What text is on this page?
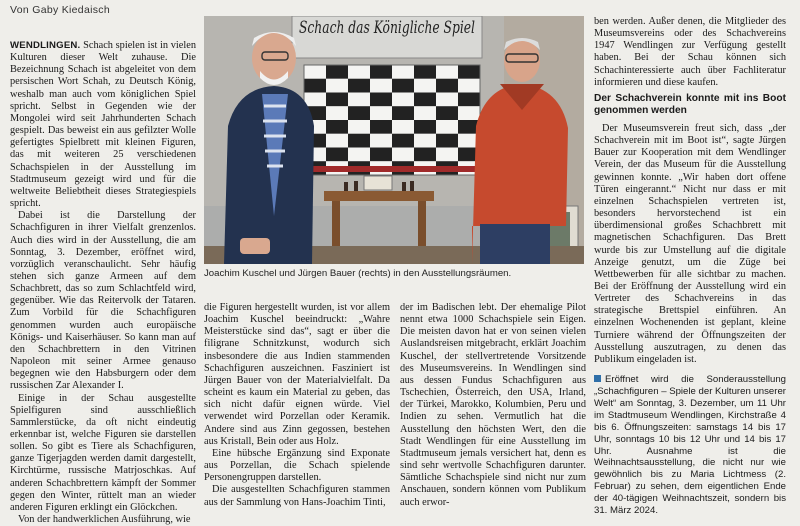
Von Gaby Kiedaisch

WENDLINGEN. Schach spielen ist in vielen Kulturen dieser Welt zuhause. Die Bezeichnung Schach ist abgeleitet von dem persischen Wort Schah, zu Deutsch König, weshalb man auch vom königlichen Spiel spricht. Selbst in Gegenden wie der Mongolei wird seit Jahrhunderten Schach gespielt. Das beweist ein aus gefilzter Wolle gefertigtes Spielbrett mit kleinen Figuren, das mit weiteren 25 verschiedenen Schachspielen in der Ausstellung im Stadtmuseum gezeigt wird und für die weltweite Beliebtheit dieses Strategiespiels spricht.

Dabei ist die Darstellung der Schachfiguren in ihrer Vielfalt grenzenlos. Auch dies wird in der Ausstellung, die am Sonntag, 3. Dezember, eröffnet wird, vorzüglich veranschaulicht. Sehr häufig stehen sich ganze Armeen auf dem Schachbrett, das so zum Schlachtfeld wird, gegenüber. Wie das Reitervolk der Tataren. Zum Vorbild für die Schachfiguren genommen wurden auch europäische Königs- und Kaiserhäuser. So kann man auf den Schachbrettern in den Vitrinen Napoleon mit seiner Armee genauso begegnen wie den Habsburgern oder dem russischen Zar Alexander I.

Einige in der Schau ausgestellte Spielfiguren sind ausschließlich Sammlerstücke, da oft nicht eindeutig erkennbar ist, welche Figuren sie darstellen sollen. So gibt es Tiere als Schachfiguren, ganze Tigerjagden werden damit dargestellt, Kirchtürme, russische Matrjoschkas. Auf anderen Schachbrettern kämpft der Sommer gegen den Winter, rüttelt man an wieder anderen Figuren erklingt ein Glöckchen.

Von der handwerklichen Ausführung, wie

Schach das Königliche Spiel
Joachim Kuschel und Jürgen Bauer (rechts) in den Ausstellungsräumen.

die Figuren hergestellt wurden, ist vor allem Joachim Kuschel beeindruckt: „Wahre Meisterstücke sind das“, sagt er über die filigrane Schnitzkunst, wodurch sich insbesondere die aus Indien stammenden Schachfiguren auszeichnen. Fasziniert ist Jürgen Bauer von der Materialvielfalt. Da scheint es kaum ein Material zu geben, das sich nicht dafür eignen würde. Viel verwendet wird Porzellan oder Keramik. Andere sind aus Zinn gegossen, bestehen aus Kristall, Bein oder aus Holz.

Eine hübsche Ergänzung sind Exponate aus Porzellan, die Schach spielende Personengruppen darstellen.

Die ausgestellten Schachfiguren stammen aus der Sammlung von Hans-Joachim Tinti,

der im Badischen lebt. Der ehemalige Pilot nennt etwa 1000 Schachspiele sein Eigen. Die meisten davon hat er von seinen vielen Auslandsreisen mitgebracht, erklärt Joachim Kuschel, der stellvertretende Vorsitzende des Museumsvereins. In Wendlingen sind aus dessen Fundus Schachfiguren aus Tschechien, Österreich, den USA, Irland, der Türkei, Marokko, Kolumbien, Peru und Indien zu sehen. Vermutlich hat die Ausstellung den höchsten Wert, den die Stadt Wendlingen für eine Ausstellung im Stadtmuseum jemals versichert hat, denn es sind sehr wertvolle Schachfiguren darunter. Sämtliche Schachspiele sind nicht nur zum Anschauen, sondern können vom Publikum auch erwor-

ben werden. Außer denen, die Mitglieder des Museumsvereins oder des Schachvereins 1947 Wendlingen zur Verfügung gestellt haben. Bei der Schau können sich Schachinteressierte auch über Fachliteratur informieren und diese kaufen.

Der Schachverein konnte mit ins Boot genommen werden

Der Museumsverein freut sich, dass „der Schachverein mit im Boot ist“, sagte Jürgen Bauer zur Kooperation mit dem Wendlinger Verein, der das Museum für die Ausstellung gewinnen konnte. „Wir haben dort offene Türen eingerannt.“ Nicht nur dass er mit einzelnen Schachspielen vertreten ist, besonders hervorstechend ist ein überdimensional großes Schachbrett mit magnetischen Schachfiguren. Das Brett wurde bis zur Umstellung auf die digitale Anzeige genutzt, um die Züge bei Wettbewerben für alle sichtbar zu machen. Bei der Eröffnung der Ausstellung wird ein Vertreter des Schachvereins in das strategische Brettspiel einführen. An einzelnen Wochenenden ist geplant, kleine Turniere während der Öffnungszeiten der Ausstellung auszutragen, zu denen das Publikum eingeladen ist.

Eröffnet wird die Sonderausstellung „Schachfiguren – Spiele der Kulturen unserer Welt“ am Sonntag, 3. Dezember, um 11 Uhr im Stadtmuseum Wendlingen, Kirchstraße 4 bis 6. Öffnungszeiten: samstags 14 bis 17 Uhr, sonntags 10 bis 12 Uhr und 14 bis 17 Uhr. Ausnahme ist die Weihnachtsausstellung, die nicht nur wie gewöhnlich bis zu Maria Lichtmess (2. Februar) zu sehen, dem eigentlichen Ende der 40-tägigen Weihnachtszeit, sondern bis 31. März 2024.
